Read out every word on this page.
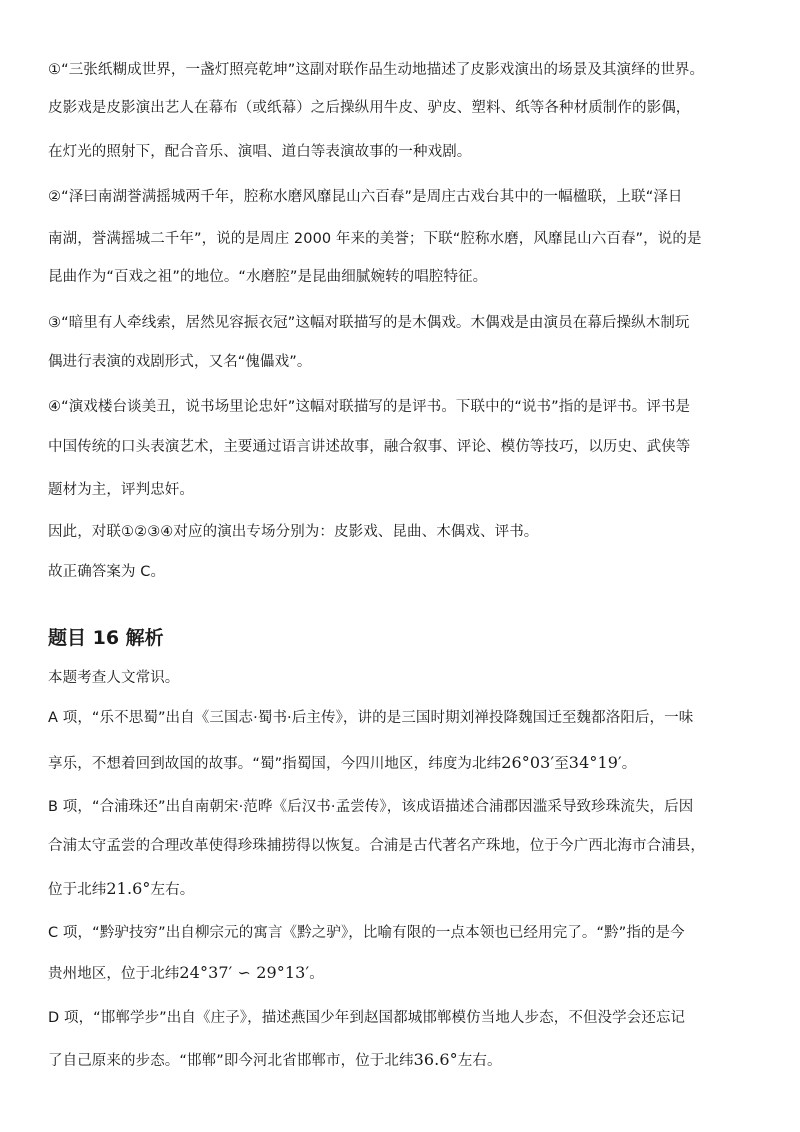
①“三张纸糊成世界，一盏灯照亮乾坤”这副对联作品生动地描述了皮影戏演出的场景及其演绎的世界。
皮影戏是皮影演出艺人在幕布（或纸幕）之后操纵用牛皮、驴皮、塑料、纸等各种材质制作的影偶，
在灯光的照射下，配合音乐、演唱、道白等表演故事的一种戏剧。
②“泽曰南湖誉满摇城两千年，腔称水磨风靡昆山六百春”是周庄古戏台其中的一幅楹联，上联“泽日
南湖，誉满摇城二千年”，说的是周庄 2000 年来的美誉；下联“腔称水磨，风靡昆山六百春”，说的是
昆曲作为“百戏之祖”的地位。“水磨腔”是昆曲细腻婉转的唱腔特征。
③“暗里有人牵线索，居然见容振衣冠”这幅对联描写的是木偶戏。木偶戏是由演员在幕后操纵木制玩
偶进行表演的戏剧形式，又名“傀儡戏”。
④“演戏楼台谈美丑，说书场里论忠奸”这幅对联描写的是评书。下联中的“说书”指的是评书。评书是
中国传统的口头表演艺术，主要通过语言讲述故事，融合叙事、评论、模仿等技巧，以历史、武侠等
题材为主，评判忠奸。
因此，对联①②③④对应的演出专场分别为：皮影戏、昆曲、木偶戏、评书。
故正确答案为 C。
题目 16 解析
本题考查人文常识。
A 项，“乐不思蜀”出自《三国志·蜀书·后主传》，讲的是三国时期刘禅投降魏国迁至魏都洛阳后，一味
享乐，不想着回到故国的故事。“蜀”指蜀国，今四川地区，纬度为北纬26°03′至34°19′。
B 项，“合浦珠还”出自南朝宋·范晔《后汉书·孟尝传》，该成语描述合浦郡因滥采导致珍珠流失，后因
合浦太守孟尝的合理改革使得珍珠捕捞得以恢复。合浦是古代著名产珠地，位于今广西北海市合浦县，
位于北纬21.6°左右。
C 项，“黔驴技穷”出自柳宗元的寓言《黔之驴》，比喻有限的一点本领也已经用完了。“黔”指的是今
贵州地区，位于北纬24°37′ ∽ 29°13′。
D 项，“邯郸学步”出自《庄子》，描述燕国少年到赵国都城邯郸模仿当地人步态，不但没学会还忘记
了自己原来的步态。“邯郸”即今河北省邯郸市，位于北纬36.6°左右。
